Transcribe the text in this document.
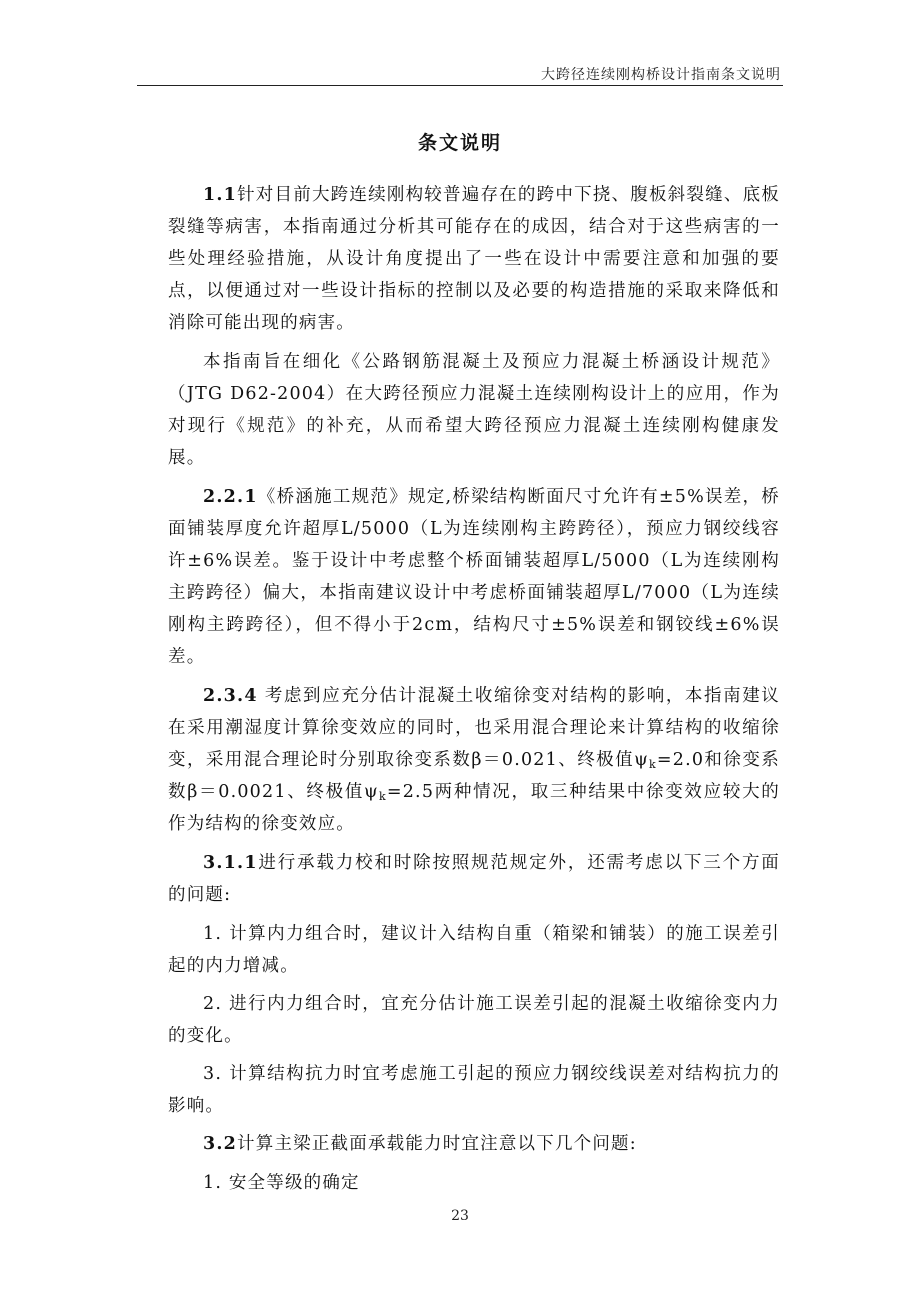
大跨径连续刚构桥设计指南条文说明
条文说明

1.1针对目前大跨连续刚构较普遍存在的跨中下挠、腹板斜裂缝、底板裂缝等病害，本指南通过分析其可能存在的成因，结合对于这些病害的一些处理经验措施，从设计角度提出了一些在设计中需要注意和加强的要点，以便通过对一些设计指标的控制以及必要的构造措施的采取来降低和消除可能出现的病害。

本指南旨在细化《公路钢筋混凝土及预应力混凝土桥涵设计规范》（JTG D62-2004）在大跨径预应力混凝土连续刚构设计上的应用，作为对现行《规范》的补充，从而希望大跨径预应力混凝土连续刚构健康发展。

2.2.1《桥涵施工规范》规定,桥梁结构断面尺寸允许有±5%误差，桥面铺装厚度允许超厚L/5000（L为连续刚构主跨跨径），预应力钢绞线容许±6%误差。鉴于设计中考虑整个桥面铺装超厚L/5000（L为连续刚构主跨跨径）偏大，本指南建议设计中考虑桥面铺装超厚L/7000（L为连续刚构主跨跨径），但不得小于2cm，结构尺寸±5%误差和钢铰线±6%误差。

2.3.4 考虑到应充分估计混凝土收缩徐变对结构的影响，本指南建议在采用潮湿度计算徐变效应的同时，也采用混合理论来计算结构的收缩徐变，采用混合理论时分别取徐变系数β＝0.021、终极值$\psi_k=2.0$和徐变系数β＝0.0021、终极值$\psi_k=2.5$两种情况，取三种结果中徐变效应较大的作为结构的徐变效应。

3.1.1进行承载力校和时除按照规范规定外，还需考虑以下三个方面的问题:

1. 计算内力组合时，建议计入结构自重（箱梁和铺装）的施工误差引起的内力增减。

2. 进行内力组合时，宜充分估计施工误差引起的混凝土收缩徐变内力的变化。

3. 计算结构抗力时宜考虑施工引起的预应力钢绞线误差对结构抗力的影响。

3.2计算主梁正截面承载能力时宜注意以下几个问题:

1. 安全等级的确定

23
